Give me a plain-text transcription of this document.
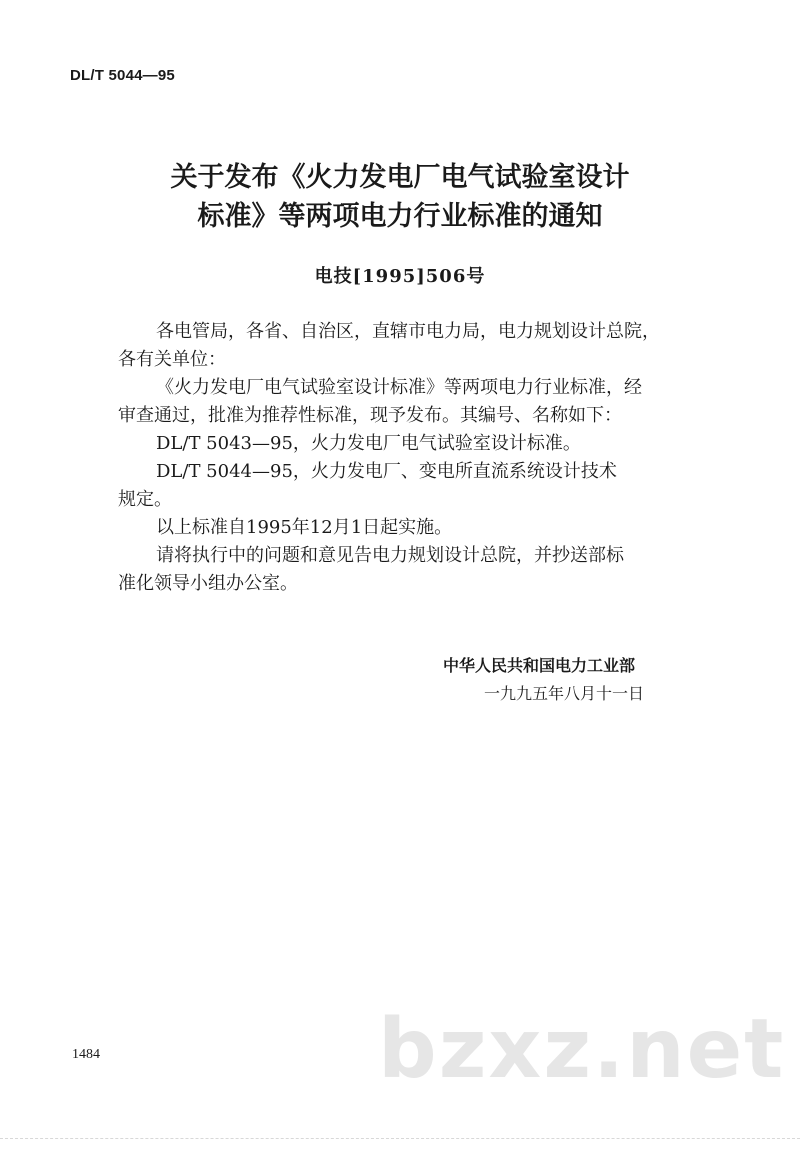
DL/T 5044—95
关于发布《火力发电厂电气试验室设计
标准》等两项电力行业标准的通知
电技[1995]506号

各电管局，各省、自治区，直辖市电力局，电力规划设计总院，

各有关单位：

《火力发电厂电气试验室设计标准》等两项电力行业标准，经

审查通过，批准为推荐性标准，现予发布。其编号、名称如下：

DL/T 5043—95，火力发电厂电气试验室设计标准。

DL/T 5044—95，火力发电厂、变电所直流系统设计技术

规定。

以上标准自1995年12月1日起实施。

请将执行中的问题和意见告电力规划设计总院，并抄送部标

准化领导小组办公室。

中华人民共和国电力工业部
一九九五年八月十一日
bzxz.net
1484
